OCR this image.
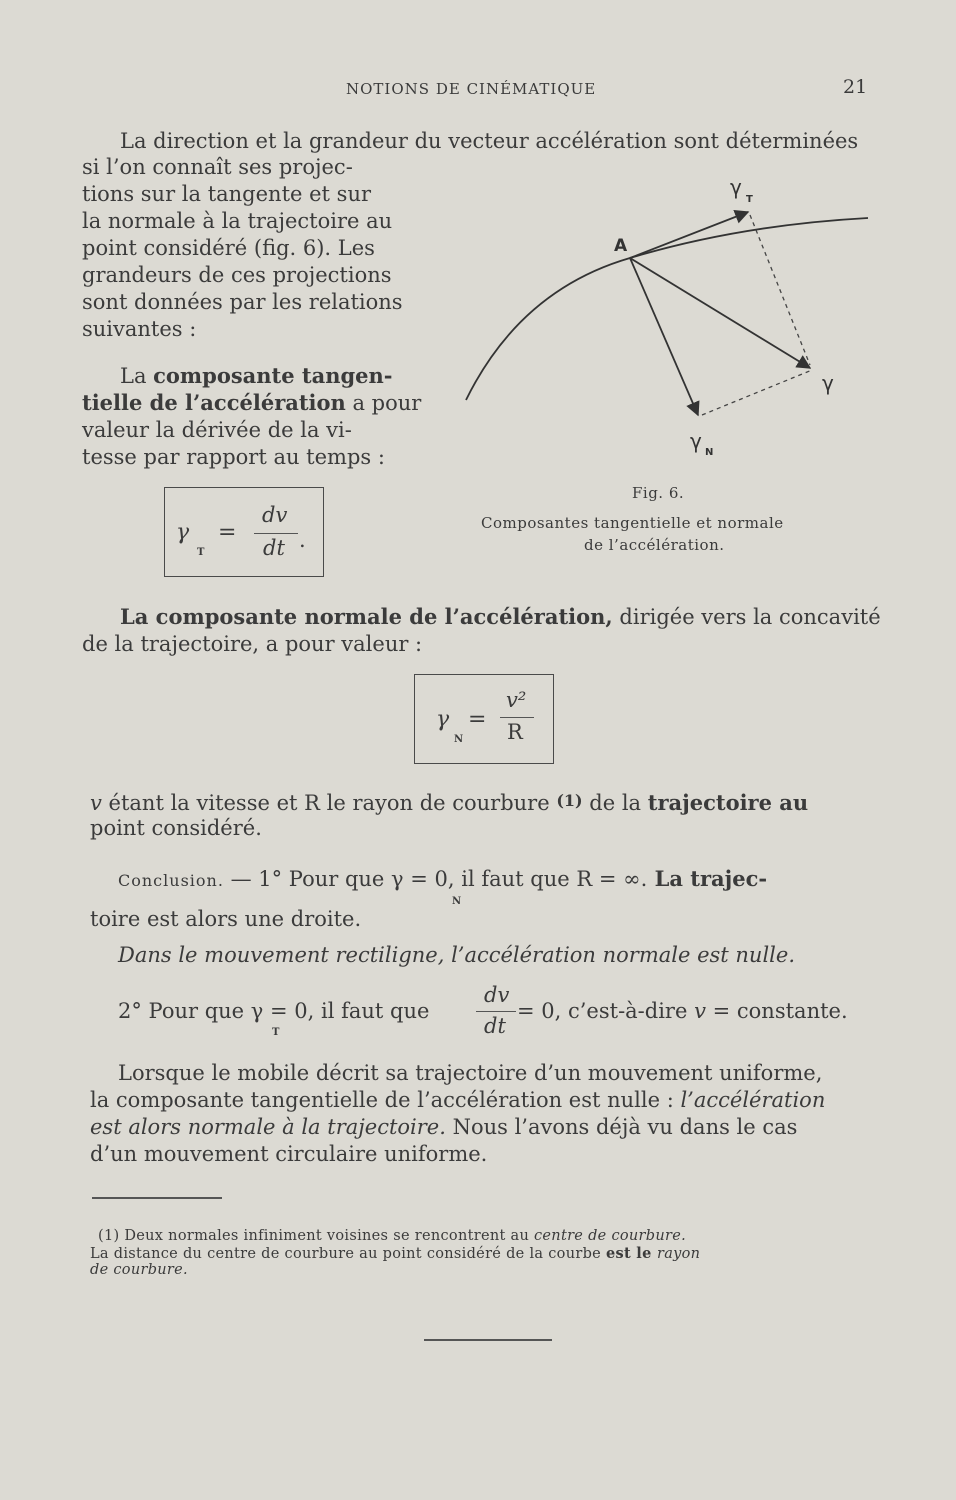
NOTIONS DE CINÉMATIQUE	21
La direction et la grandeur du vecteur accélération sont déterminées
si l’on connaît ses projec-
tions sur la tangente et sur
la normale à la trajectoire au
point considéré (fig. 6). Les
grandeurs de ces projections
sont données par les relations
suivantes :
La composante tangen-
tielle de l’accélération a pour
valeur la dérivée de la vi-
tesse par rapport au temps :
γ
T
=
dv
dt .
A
γ
T
γ
γ N
Fig. 6.
Composantes tangentielle et normale
de l’accélération.
La composante normale de l’accélération, dirigée vers la concavité
de la trajectoire, a pour valeur :
γ
N
=
v²
R
v étant la vitesse et R le rayon de courbure (1) de la trajectoire au
point considéré.
Conclusion. — 1° Pour que γ = 0, il faut que R = ∞. La trajec-
N
toire est alors une droite.
Dans le mouvement rectiligne, l’accélération normale est nulle.
2° Pour que γ = 0, il faut que
T
dv
dt
= 0, c’est-à-dire v = constante.
Lorsque le mobile décrit sa trajectoire d’un mouvement uniforme,
la composante tangentielle de l’accélération est nulle : l’accélération
est alors normale à la trajectoire. Nous l’avons déjà vu dans le cas
d’un mouvement circulaire uniforme.
(1) Deux normales infiniment voisines se rencontrent au centre de courbure.
La distance du centre de courbure au point considéré de la courbe est le rayon
de courbure.
